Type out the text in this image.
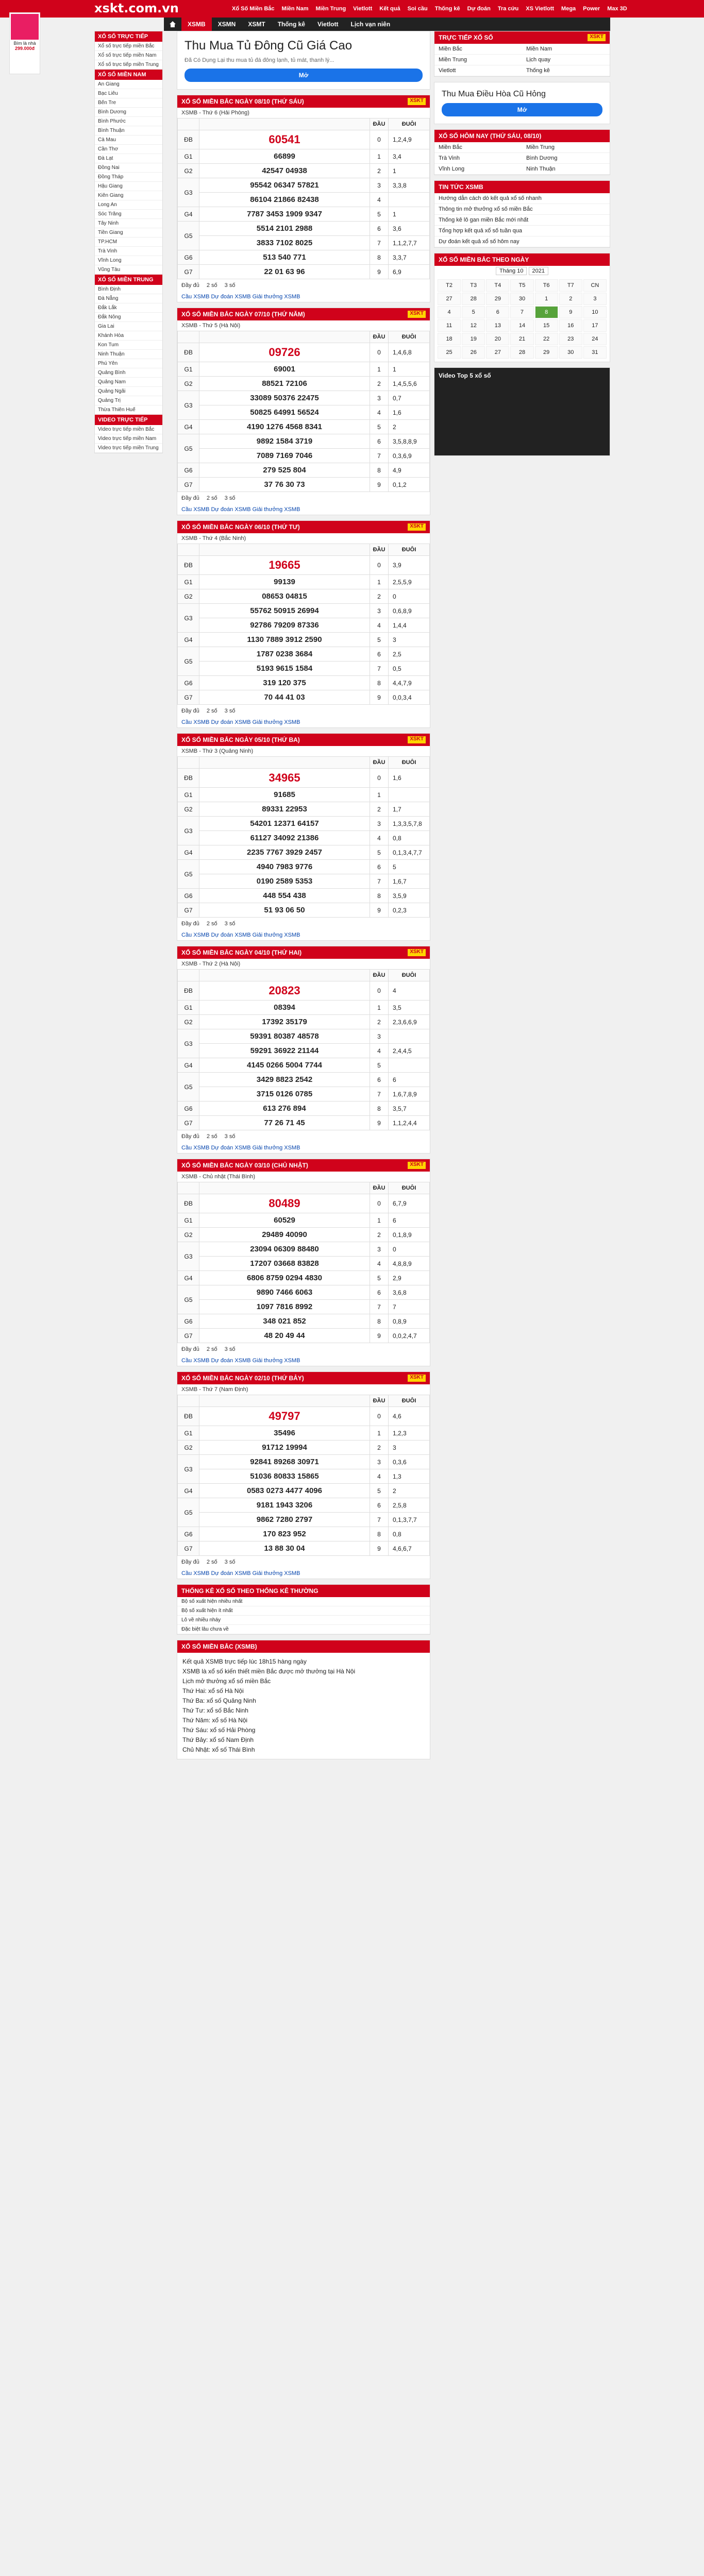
xskt.com.vn	Xổ Số Miền Bắc Miền Nam Miền Trung Vietlott Kết quả Soi cầu Thống kê Dự đoán Tra cứu XS Vietlott Mega Power Max 3D
XSMB	XSMN	XSMT	Thống kê	Vietlott	Lịch vạn niên
Bím là nhà
299.000đ
XỔ SỐ TRỰC TIẾP
Xổ số trực tiếp miền Bắc
Xổ số trực tiếp miền Nam
Xổ số trực tiếp miền Trung
XỔ SỐ MIỀN NAM
An Giang
Bạc Liêu
Bến Tre
Bình Dương
Bình Phước
Bình Thuận
Cà Mau
Cần Thơ
Đà Lạt
Đồng Nai
Đồng Tháp
Hậu Giang
Kiên Giang
Long An
Sóc Trăng
Tây Ninh
Tiền Giang
TP.HCM
Trà Vinh
Vĩnh Long
Vũng Tàu
XỔ SỐ MIỀN TRUNG
Bình Định
Đà Nẵng
Đắk Lắk
Đắk Nông
Gia Lai
Khánh Hòa
Kon Tum
Ninh Thuận
Phú Yên
Quảng Bình
Quảng Nam
Quảng Ngãi
Quảng Trị
Thừa Thiên Huế
VIDEO TRỰC TIẾP
Video trực tiếp miền Bắc
Video trực tiếp miền Nam
Video trực tiếp miền Trung
Thu Mua Tủ Đông Cũ Giá Cao

Đã Có Dụng Lại thu mua tủ đá đông lạnh, tủ mát, thanh lý...

Mở
XỔ SỐ MIỀN BẮC NGÀY 08/10 (THỨ SÁU)	XSKT
XSMB - Thứ 6 (Hải Phòng)
		ĐẦU	ĐUÔI
ĐB	60541	0	1,2,4,9
G1	66899	1	3,4
G2	42547 04938	2	1
G3	95542 06347 57821	3	3,3,8
	86104 21866 82438	4	
G4	7787 3453 1909 9347	5	1
G5	5514 2101 2988	6	3,6
	3833 7102 8025	7	1,1,2,7,7
G6	513 540 771	8	3,3,7
G7	22 01 63 96	9	6,9
Đầy đủ 2 số 3 số
Cầu XSMB Dự đoán XSMB Giải thưởng XSMB
XỔ SỐ MIỀN BẮC NGÀY 07/10 (THỨ NĂM)	XSKT
XSMB - Thứ 5 (Hà Nội)
		ĐẦU	ĐUÔI
ĐB	09726	0	1,4,6,8
G1	69001	1	1
G2	88521 72106	2	1,4,5,5,6
G3	33089 50376 22475	3	0,7
	50825 64991 56524	4	1,6
G4	4190 1276 4568 8341	5	2
G5	9892 1584 3719	6	3,5,8,8,9
	7089 7169 7046	7	0,3,6,9
G6	279 525 804	8	4,9
G7	37 76 30 73	9	0,1,2
Đầy đủ 2 số 3 số
Cầu XSMB Dự đoán XSMB Giải thưởng XSMB
XỔ SỐ MIỀN BẮC NGÀY 06/10 (THỨ TƯ)	XSKT
XSMB - Thứ 4 (Bắc Ninh)
		ĐẦU	ĐUÔI
ĐB	19665	0	3,9
G1	99139	1	2,5,5,9
G2	08653 04815	2	0
G3	55762 50915 26994	3	0,6,8,9
	92786 79209 87336	4	1,4,4
G4	1130 7889 3912 2590	5	3
G5	1787 0238 3684	6	2,5
	5193 9615 1584	7	0,5
G6	319 120 375	8	4,4,7,9
G7	70 44 41 03	9	0,0,3,4
Đầy đủ 2 số 3 số
Cầu XSMB Dự đoán XSMB Giải thưởng XSMB
XỔ SỐ MIỀN BẮC NGÀY 05/10 (THỨ BA)	XSKT
XSMB - Thứ 3 (Quảng Ninh)
		ĐẦU	ĐUÔI
ĐB	34965	0	1,6
G1	91685	1	
G2	89331 22953	2	1,7
G3	54201 12371 64157	3	1,3,3,5,7,8
	61127 34092 21386	4	0,8
G4	2235 7767 3929 2457	5	0,1,3,4,7,7
G5	4940 7983 9776	6	5
	0190 2589 5353	7	1,6,7
G6	448 554 438	8	3,5,9
G7	51 93 06 50	9	0,2,3
Đầy đủ 2 số 3 số
Cầu XSMB Dự đoán XSMB Giải thưởng XSMB
XỔ SỐ MIỀN BẮC NGÀY 04/10 (THỨ HAI)	XSKT
XSMB - Thứ 2 (Hà Nội)
		ĐẦU	ĐUÔI
ĐB	20823	0	4
G1	08394	1	3,5
G2	17392 35179	2	2,3,6,6,9
G3	59391 80387 48578	3	
	59291 36922 21144	4	2,4,4,5
G4	4145 0266 5004 7744	5	
G5	3429 8823 2542	6	6
	3715 0126 0785	7	1,6,7,8,9
G6	613 276 894	8	3,5,7
G7	77 26 71 45	9	1,1,2,4,4
Đầy đủ 2 số 3 số
Cầu XSMB Dự đoán XSMB Giải thưởng XSMB
XỔ SỐ MIỀN BẮC NGÀY 03/10 (CHỦ NHẬT)	XSKT
XSMB - Chủ nhật (Thái Bình)
		ĐẦU	ĐUÔI
ĐB	80489	0	6,7,9
G1	60529	1	6
G2	29489 40090	2	0,1,8,9
G3	23094 06309 88480	3	0
	17207 03668 83828	4	4,8,8,9
G4	6806 8759 0294 4830	5	2,9
G5	9890 7466 6063	6	3,6,8
	1097 7816 8992	7	7
G6	348 021 852	8	0,8,9
G7	48 20 49 44	9	0,0,2,4,7
Đầy đủ 2 số 3 số
Cầu XSMB Dự đoán XSMB Giải thưởng XSMB
XỔ SỐ MIỀN BẮC NGÀY 02/10 (THỨ BẢY)	XSKT
XSMB - Thứ 7 (Nam Định)
		ĐẦU	ĐUÔI
ĐB	49797	0	4,6
G1	35496	1	1,2,3
G2	91712 19994	2	3
G3	92841 89268 30971	3	0,3,6
	51036 80833 15865	4	1,3
G4	0583 0273 4477 4096	5	2
G5	9181 1943 3206	6	2,5,8
	9862 7280 2797	7	0,1,3,7,7
G6	170 823 952	8	0,8
G7	13 88 30 04	9	4,6,6,7
Đầy đủ 2 số 3 số
Cầu XSMB Dự đoán XSMB Giải thưởng XSMB
THỐNG KÊ XỔ SỐ THEO THỐNG KÊ THƯỜNG
Bộ số xuất hiện nhiều nhất
Bộ số xuất hiện ít nhất
Lô về nhiều nháy
Đặc biệt lâu chưa về
XỔ SỐ MIỀN BẮC (XSMB)
Kết quả XSMB trực tiếp lúc 18h15 hàng ngày
XSMB là xổ số kiến thiết miền Bắc được mở thưởng tại Hà Nội
Lịch mở thưởng xổ số miền Bắc
Thứ Hai: xổ số Hà Nội
Thứ Ba: xổ số Quảng Ninh
Thứ Tư: xổ số Bắc Ninh
Thứ Năm: xổ số Hà Nội
Thứ Sáu: xổ số Hải Phòng
Thứ Bảy: xổ số Nam Định
Chủ Nhật: xổ số Thái Bình
TRỰC TIẾP XỔ SỐ	XSKT
Miền Bắc	Miền Nam
Miền Trung	Lịch quay
Vietlott	Thống kê
Thu Mua Điều Hòa Cũ Hỏng
Mở
XỔ SỐ HÔM NAY (THỨ SÁU, 08/10)
Miền Bắc	Miền Trung
Trà Vinh	Bình Dương
Vĩnh Long	Ninh Thuận
TIN TỨC XSMB
Hướng dẫn cách dò kết quả xổ số nhanh
Thông tin mở thưởng xổ số miền Bắc
Thống kê lô gan miền Bắc mới nhất
Tổng hợp kết quả xổ số tuần qua
Dự đoán kết quả xổ số hôm nay
XỔ SỐ MIỀN BẮC THEO NGÀY
Tháng 10 2021
T2	T3	T4	T5	T6	T7	CN
27	28	29	30	1	2	3
4	5	6	7	8	9	10
11	12	13	14	15	16	17
18	19	20	21	22	23	24
25	26	27	28	29	30	31
Video Top 5 xổ số
